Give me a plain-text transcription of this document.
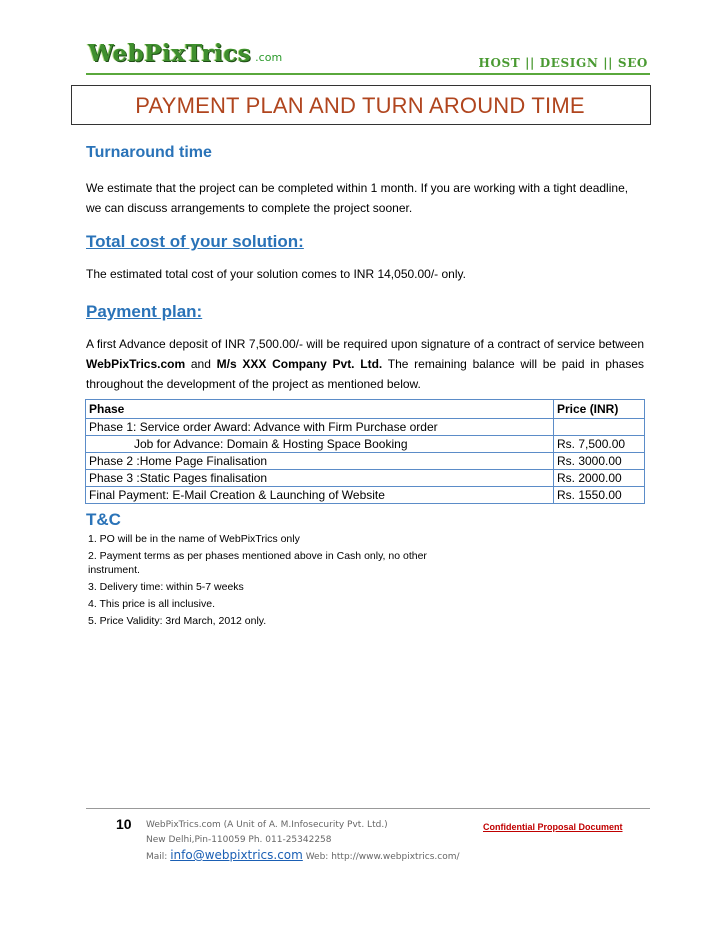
WebPixTrics .com	HOST || DESIGN || SEO
PAYMENT PLAN AND TURN AROUND TIME
Turnaround time
We estimate that the project can be completed within 1 month. If you are working with a tight deadline, we can discuss arrangements to complete the project sooner.
Total cost of your solution:
The estimated total cost of your solution comes to INR 14,050.00/- only.
Payment plan:
A first Advance deposit of INR 7,500.00/- will be required upon signature of a contract of service between WebPixTrics.com and M/s XXX Company Pvt. Ltd. The remaining balance will be paid in phases throughout the development of the project as mentioned below.
Phase	Price (INR)
Phase 1: Service order Award: Advance with Firm Purchase order	
Job for Advance: Domain & Hosting Space Booking	Rs. 7,500.00
Phase 2 :Home Page Finalisation	Rs. 3000.00
Phase 3 :Static Pages finalisation	Rs. 2000.00
Final Payment: E-Mail Creation & Launching of Website	Rs. 1550.00
T&C
1. PO will be in the name of WebPixTrics only
2. Payment terms as per phases mentioned above in Cash only, no other instrument.
3. Delivery time: within 5-7 weeks
4. This price is all inclusive.
5. Price Validity: 3rd March, 2012 only.
10 WebPixTrics.com (A Unit of A. M.Infosecurity Pvt. Ltd.)
New Delhi,Pin-110059 Ph. 011-25342258
Mail: info@webpixtrics.com Web: http://www.webpixtrics.com/
Confidential Proposal Document
